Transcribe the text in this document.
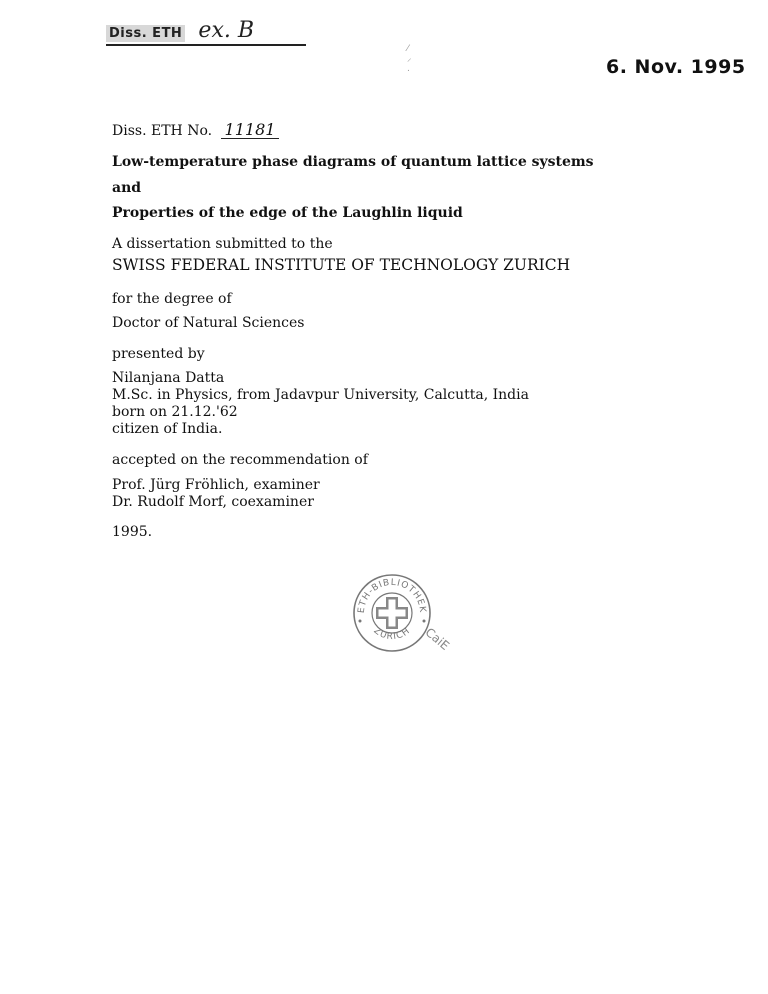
Diss. ETH ex. B
⁄
⸝
.	6. Nov. 1995
Diss. ETH No. 11181
Low-temperature phase diagrams of quantum lattice systems
and
Properties of the edge of the Laughlin liquid
A dissertation submitted to the
SWISS FEDERAL INSTITUTE OF TECHNOLOGY ZURICH
for the degree of
Doctor of Natural Sciences
presented by
Nilanjana Datta
M.Sc. in Physics, from Jadavpur University, Calcutta, India
born on 21.12.'62
citizen of India.
accepted on the recommendation of
Prof. Jürg Fröhlich, examiner
Dr. Rudolf Morf, coexaminer
1995.
ETH-BIBLIOTHEK
ZURICH CaiE
